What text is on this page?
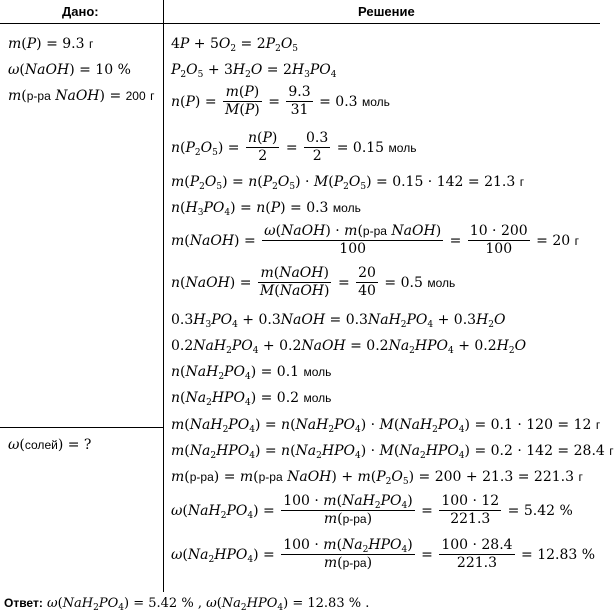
Дано:	Решение
m(P) = 9.3 г
ω(NaOH) = 10 %
m(р-ра NaOH) = 200 г
ω(солей) = ?
$4P + 5O_2 = 2P_2O_5$
$P_2O_5 + 3H_2O = 2H_3PO_4$
$n(P) = \frac{m(P)}{M(P)} = \frac{9.3}{31} = 0.3$ моль
$n(P_2O_5) = \frac{n(P)}{2} = \frac{0.3}{2} = 0.15$ моль
$m(P_2O_5) = n(P_2O_5) \cdot M(P_2O_5) = 0.15 \cdot 142 = 21.3$ г
$n(H_3PO_4) = n(P) = 0.3$ моль
m(NaOH) = $\frac{\text{ω(NaOH) · m(р-ра NaOH)}}{100} = \frac{10 \cdot 200}{100} = 20$ г
n(NaOH) = $\frac{\text{m(NaOH)}}{\text{M(NaOH)}} = \frac{20}{40} = 0.5$ моль
$0.3H_3PO_4$ + 0.3NaOH = $0.3NaH_2PO_4 + 0.3H_2O$
$0.2NaH_2PO_4$ + 0.2NaOH = $0.2Na_2HPO_4 + 0.2H_2O$
$n(NaH_2PO_4) = 0.1$ моль
$n(Na_2HPO_4) = 0.2$ моль
$m(NaH_2PO_4) = n(NaH_2PO_4) \cdot M(NaH_2PO_4) = 0.1 \cdot 120 = 12$ г
$m(Na_2HPO_4) = n(Na_2HPO_4) \cdot M(Na_2HPO_4) = 0.2 \cdot 142 = 28.4$ г
m(р-ра) = m(р-ра NaOH) + $m(P_2O_5) = 200 + 21.3 = 221.3$ г
$\omega(NaH_2PO_4) = \frac{100 \cdot m(NaH_2PO_4)}{m(р-ра)} = \frac{100 \cdot 12}{221.3} = 5.42$ %
$\omega(Na_2HPO_4) = \frac{100 \cdot m(Na_2HPO_4)}{m(р-ра)} = \frac{100 \cdot 28.4}{221.3} = 12.83$ %
Ответ: $\omega(NaH_2PO_4) = 5.42$ % , $\omega(Na_2HPO_4) = 12.83$ % .
